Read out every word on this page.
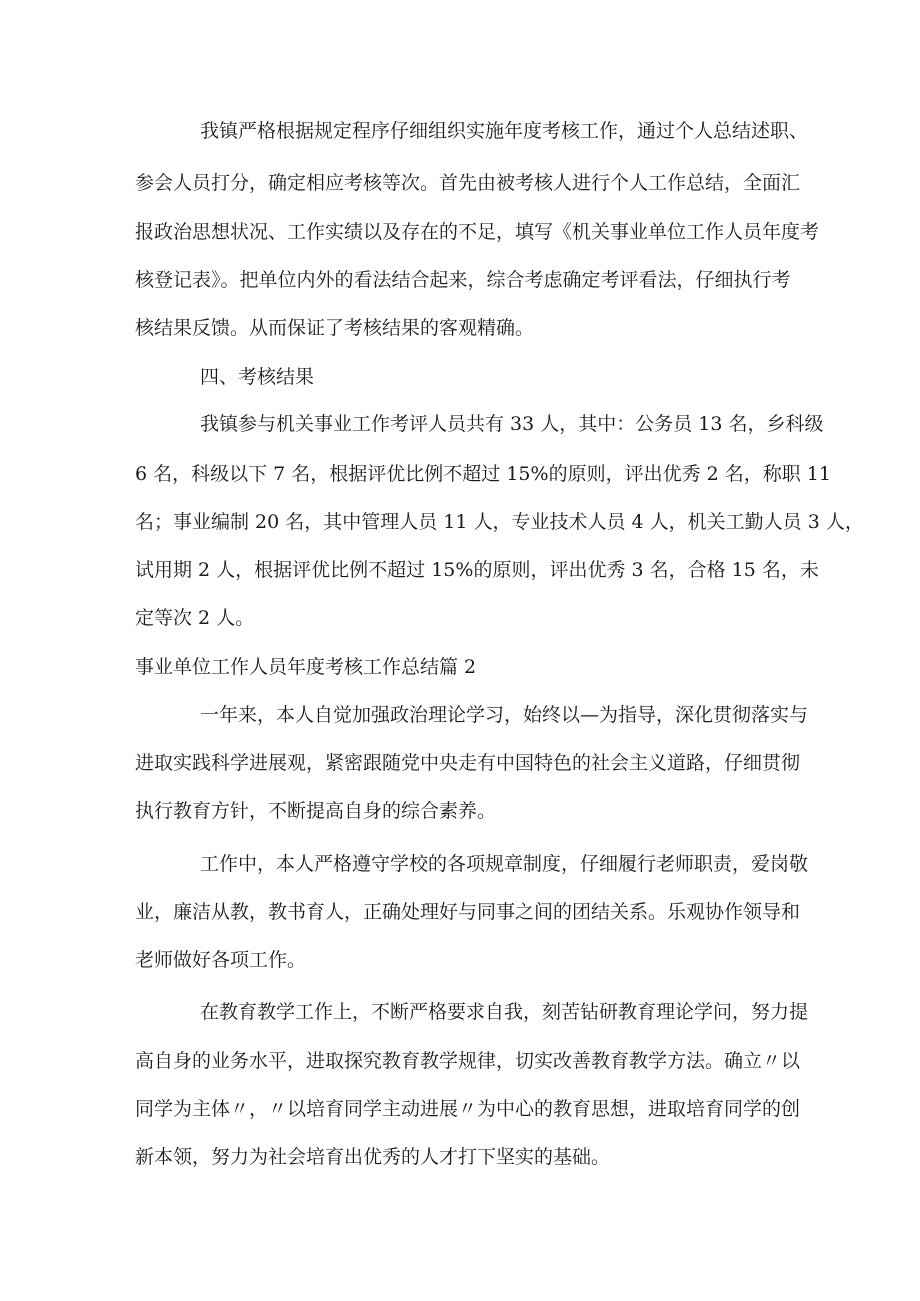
我镇严格根据规定程序仔细组织实施年度考核工作，通过个人总结述职、
参会人员打分，确定相应考核等次。首先由被考核人进行个人工作总结，全面汇
报政治思想状况、工作实绩以及存在的不足，填写《机关事业单位工作人员年度考
核登记表》。把单位内外的看法结合起来，综合考虑确定考评看法，仔细执行考
核结果反馈。从而保证了考核结果的客观精确。
四、考核结果
我镇参与机关事业工作考评人员共有 33 人，其中：公务员 13 名，乡科级
6 名，科级以下 7 名，根据评优比例不超过 15%的原则，评出优秀 2 名，称职 11
名；事业编制 20 名，其中管理人员 11 人，专业技术人员 4 人，机关工勤人员 3 人，
试用期 2 人，根据评优比例不超过 15%的原则，评出优秀 3 名，合格 15 名，未
定等次 2 人。
事业单位工作人员年度考核工作总结篇 2
一年来，本人自觉加强政治理论学习，始终以—为指导，深化贯彻落实与
进取实践科学进展观，紧密跟随党中央走有中国特色的社会主义道路，仔细贯彻
执行教育方针，不断提高自身的综合素养。
工作中，本人严格遵守学校的各项规章制度，仔细履行老师职责，爱岗敬
业，廉洁从教，教书育人，正确处理好与同事之间的团结关系。乐观协作领导和
老师做好各项工作。
在教育教学工作上，不断严格要求自我，刻苦钻研教育理论学问，努力提
高自身的业务水平，进取探究教育教学规律，切实改善教育教学方法。确立〃以
同学为主体〃，〃以培育同学主动进展〃为中心的教育思想，进取培育同学的创
新本领，努力为社会培育出优秀的人才打下坚实的基础。
